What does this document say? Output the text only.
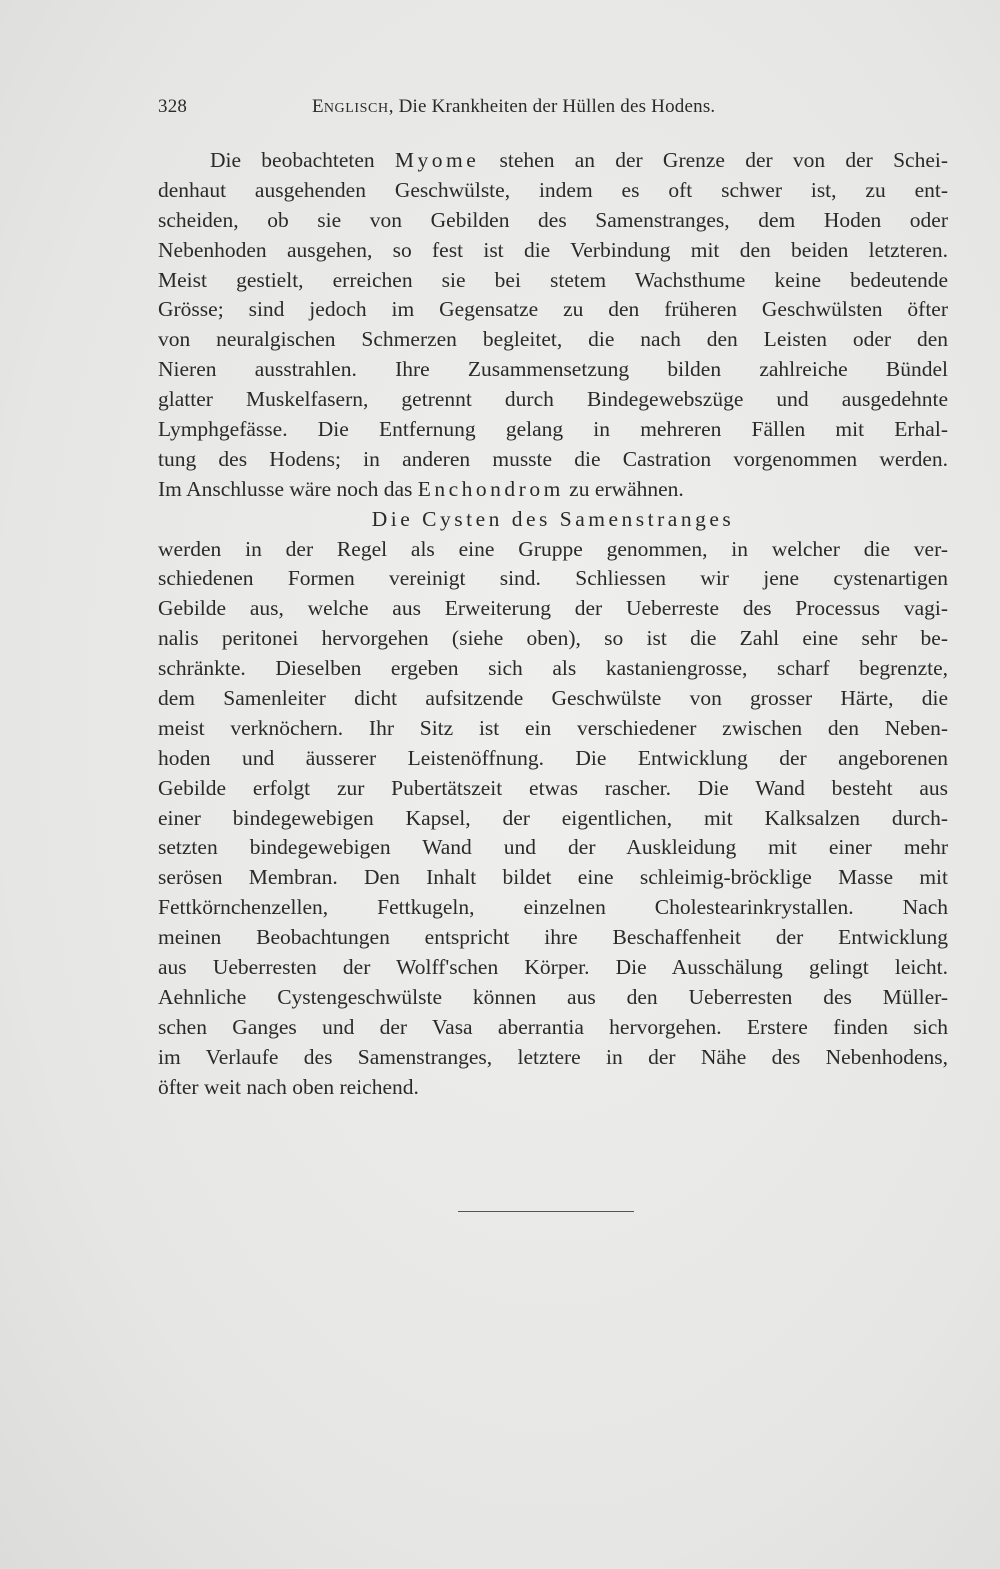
328	ENGLISCH, Die Krankheiten der Hüllen des Hodens.
Die beobachteten Myome stehen an der Grenze der von der Schei-
denhaut ausgehenden Geschwülste, indem es oft schwer ist, zu ent-
scheiden, ob sie von Gebilden des Samenstranges, dem Hoden oder
Nebenhoden ausgehen, so fest ist die Verbindung mit den beiden letzteren.
Meist gestielt, erreichen sie bei stetem Wachsthume keine bedeutende
Grösse; sind jedoch im Gegensatze zu den früheren Geschwülsten öfter
von neuralgischen Schmerzen begleitet, die nach den Leisten oder den
Nieren ausstrahlen. Ihre Zusammensetzung bilden zahlreiche Bündel
glatter Muskelfasern, getrennt durch Bindegewebszüge und ausgedehnte
Lymphgefässe. Die Entfernung gelang in mehreren Fällen mit Erhal-
tung des Hodens; in anderen musste die Castration vorgenommen werden.
Im Anschlusse wäre noch das Enchondrom zu erwähnen.
Die Cysten des Samenstranges
werden in der Regel als eine Gruppe genommen, in welcher die ver-
schiedenen Formen vereinigt sind. Schliessen wir jene cystenartigen
Gebilde aus, welche aus Erweiterung der Ueberreste des Processus vagi-
nalis peritonei hervorgehen (siehe oben), so ist die Zahl eine sehr be-
schränkte. Dieselben ergeben sich als kastaniengrosse, scharf begrenzte,
dem Samenleiter dicht aufsitzende Geschwülste von grosser Härte, die
meist verknöchern. Ihr Sitz ist ein verschiedener zwischen den Neben-
hoden und äusserer Leistenöffnung. Die Entwicklung der angeborenen
Gebilde erfolgt zur Pubertätszeit etwas rascher. Die Wand besteht aus
einer bindegewebigen Kapsel, der eigentlichen, mit Kalksalzen durch-
setzten bindegewebigen Wand und der Auskleidung mit einer mehr
serösen Membran. Den Inhalt bildet eine schleimig-bröcklige Masse mit
Fettkörnchenzellen, Fettkugeln, einzelnen Cholestearinkrystallen. Nach
meinen Beobachtungen entspricht ihre Beschaffenheit der Entwicklung
aus Ueberresten der Wolff'schen Körper. Die Ausschälung gelingt leicht.
Aehnliche Cystengeschwülste können aus den Ueberresten des Müller-
schen Ganges und der Vasa aberrantia hervorgehen. Erstere finden sich
im Verlaufe des Samenstranges, letztere in der Nähe des Nebenhodens,
öfter weit nach oben reichend.
